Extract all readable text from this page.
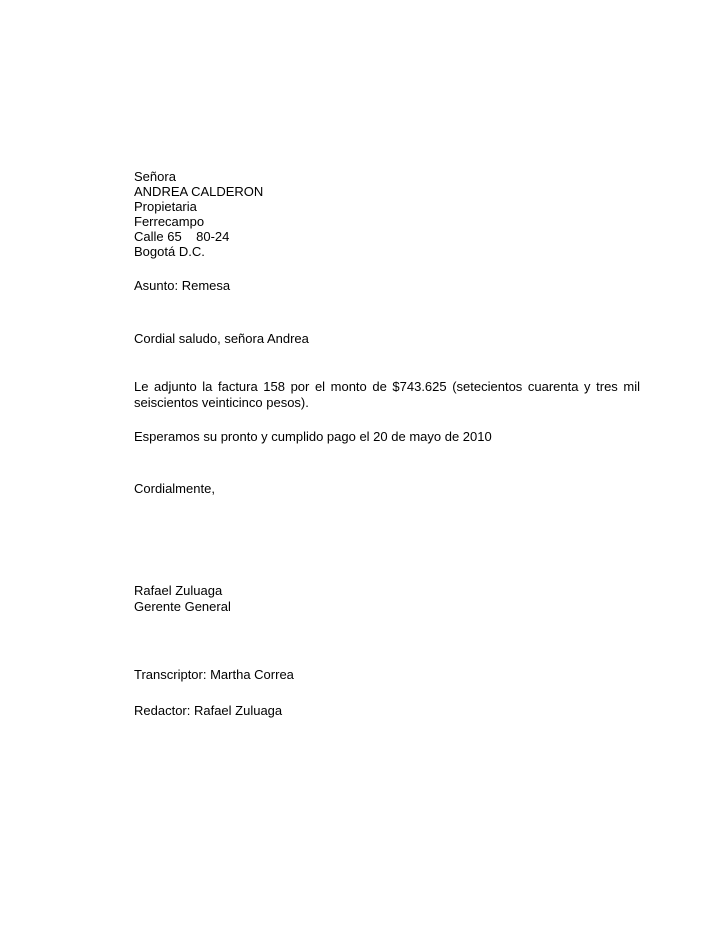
Señora
ANDREA CALDERON
Propietaria
Ferrecampo
Calle 65    80-24
Bogotá D.C.
Asunto: Remesa
Cordial saludo, señora Andrea
Le adjunto la factura 158 por el monto de $743.625 (setecientos cuarenta y tres mil seiscientos veinticinco pesos).
Esperamos su pronto y cumplido pago el 20 de mayo de 2010
Cordialmente,
Rafael Zuluaga
Gerente General
Transcriptor: Martha Correa
Redactor: Rafael Zuluaga
